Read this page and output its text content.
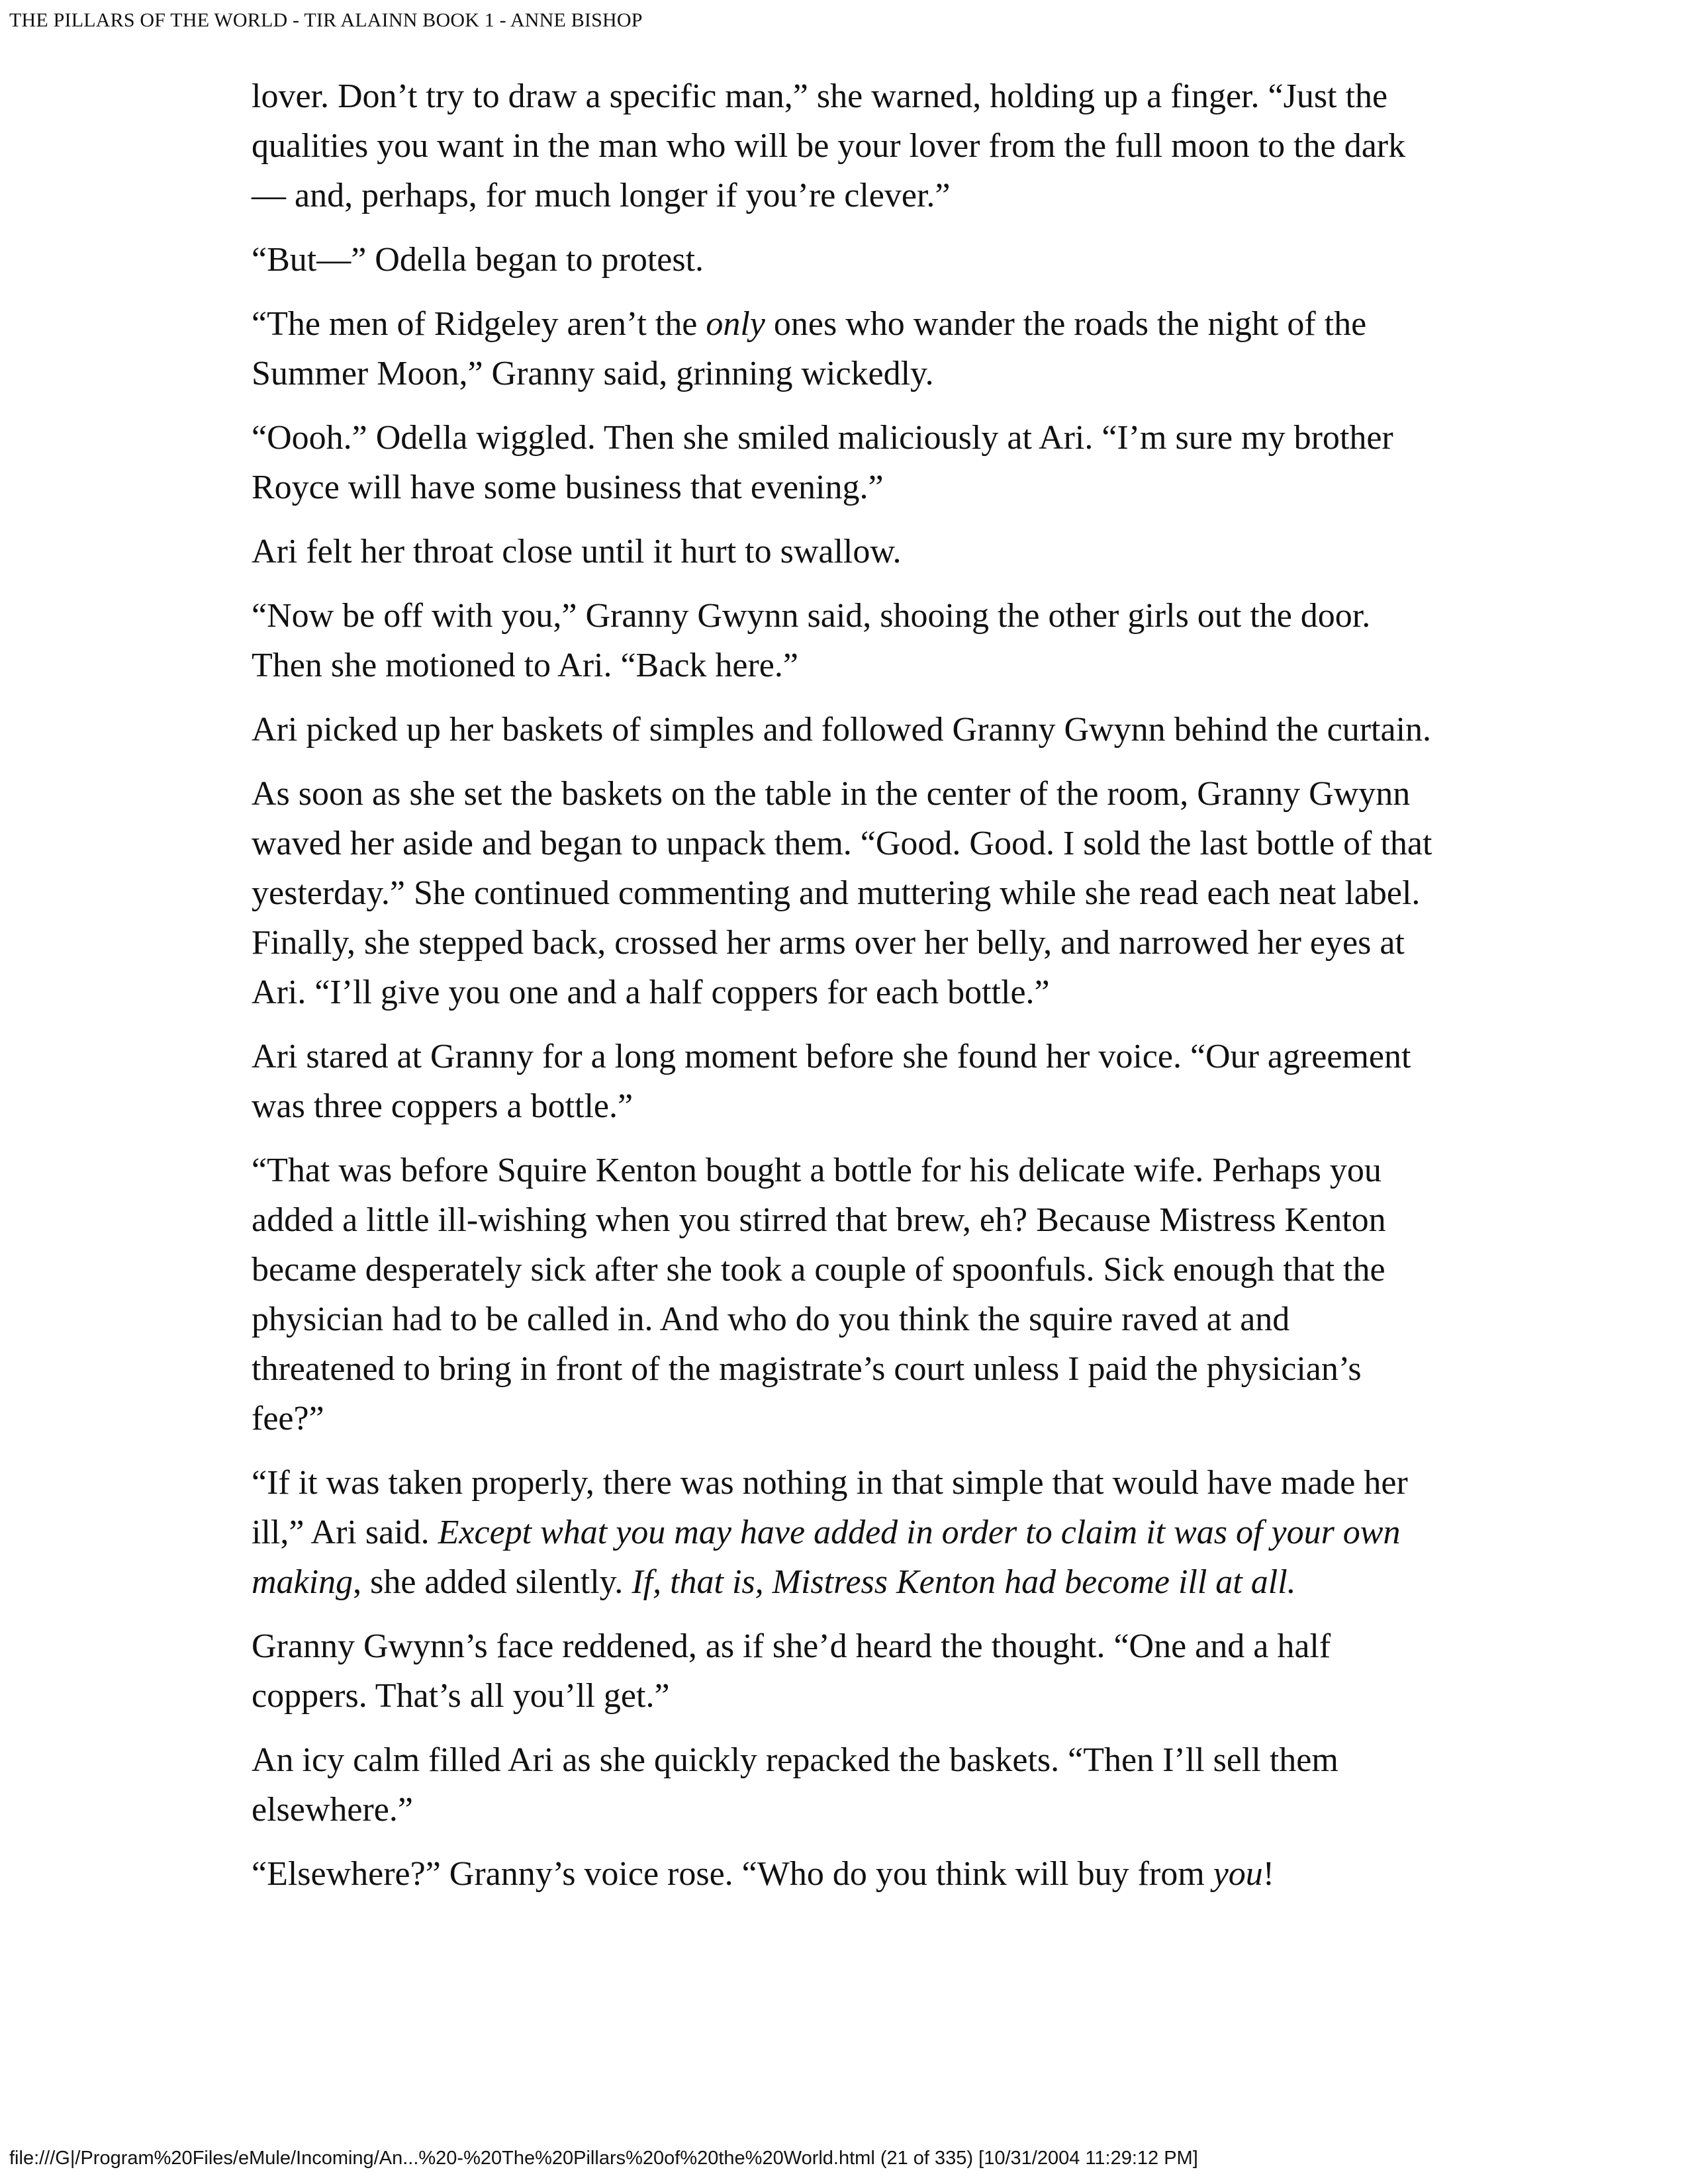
THE PILLARS OF THE WORLD - TIR ALAINN BOOK 1 - ANNE BISHOP

lover. Don’t try to draw a specific man,” she warned, holding up a finger. “Just the qualities you want in the man who will be your lover from the full moon to the dark— and, perhaps, for much longer if you’re clever.”

“But—” Odella began to protest.

“The men of Ridgeley aren’t the only ones who wander the roads the night of the Summer Moon,” Granny said, grinning wickedly.

“Oooh.” Odella wiggled. Then she smiled maliciously at Ari. “I’m sure my brother Royce will have some business that evening.”

Ari felt her throat close until it hurt to swallow.

“Now be off with you,” Granny Gwynn said, shooing the other girls out the door. Then she motioned to Ari. “Back here.”

Ari picked up her baskets of simples and followed Granny Gwynn behind the curtain.

As soon as she set the baskets on the table in the center of the room, Granny Gwynn waved her aside and began to unpack them. “Good. Good. I sold the last bottle of that yesterday.” She continued commenting and muttering while she read each neat label. Finally, she stepped back, crossed her arms over her belly, and narrowed her eyes at Ari. “I’ll give you one and a half coppers for each bottle.”

Ari stared at Granny for a long moment before she found her voice. “Our agreement was three coppers a bottle.”

“That was before Squire Kenton bought a bottle for his delicate wife. Perhaps you added a little ill-wishing when you stirred that brew, eh? Because Mistress Kenton became desperately sick after she took a couple of spoonfuls. Sick enough that the physician had to be called in. And who do you think the squire raved at and threatened to bring in front of the magistrate’s court unless I paid the physician’s fee?”

“If it was taken properly, there was nothing in that simple that would have made her ill,” Ari said. Except what you may have added in order to claim it was of your own making, she added silently. If, that is, Mistress Kenton had become ill at all.

Granny Gwynn’s face reddened, as if she’d heard the thought. “One and a half coppers. That’s all you’ll get.”

An icy calm filled Ari as she quickly repacked the baskets. “Then I’ll sell them elsewhere.”

“Elsewhere?” Granny’s voice rose. “Who do you think will buy from you!

file:///G|/Program%20Files/eMule/Incoming/An...%20-%20The%20Pillars%20of%20the%20World.html (21 of 335) [10/31/2004 11:29:12 PM]
